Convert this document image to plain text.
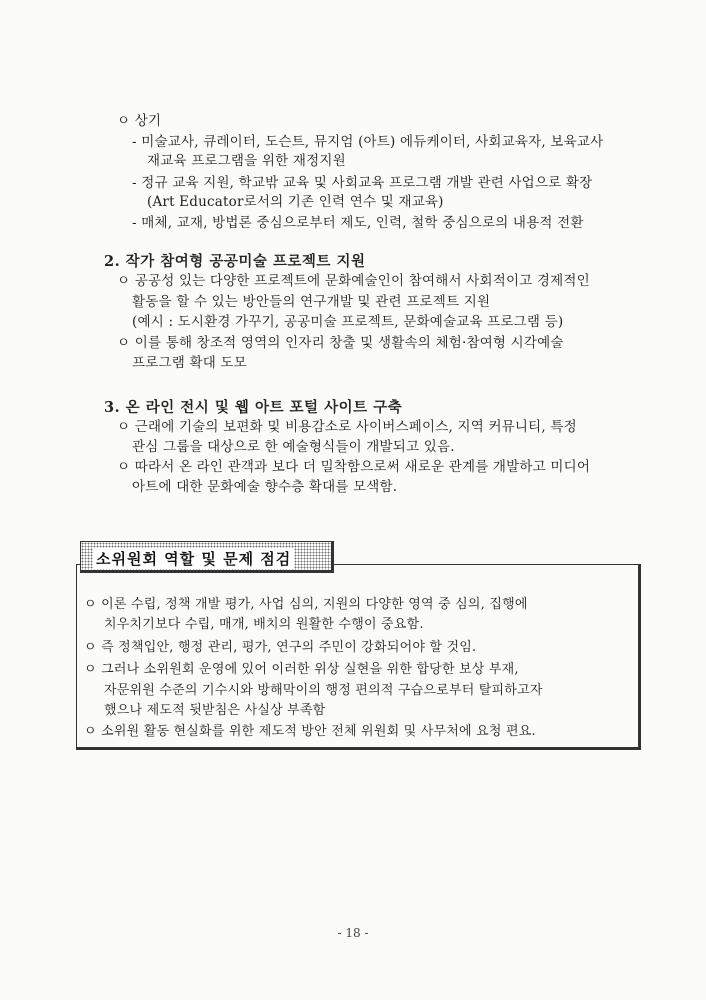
ㅇ 상기
- 미술교사, 큐레이터, 도슨트, 뮤지엄 (아트) 에듀케이터, 사회교육자, 보육교사
재교육 프로그램을 위한 재정지원
- 정규 교육 지원, 학교밖 교육 및 사회교육 프로그램 개발 관련 사업으로 확장
(Art Educator로서의 기존 인력 연수 및 재교육)
- 매체, 교재, 방법론 중심으로부터 제도, 인력, 철학 중심으로의 내용적 전환
2. 작가 참여형 공공미술 프로젝트 지원
ㅇ 공공성 있는 다양한 프로젝트에 문화예술인이 참여해서 사회적이고 경제적인
활동을 할 수 있는 방안들의 연구개발 및 관련 프로젝트 지원
(예시 : 도시환경 가꾸기, 공공미술 프로젝트, 문화예술교육 프로그램 등)
ㅇ 이를 통해 창조적 영역의 인자리 창출 및 생활속의 체험·참여형 시각예술
프로그램 확대 도모
3. 온 라인 전시 및 웹 아트 포털 사이트 구축
ㅇ 근래에 기술의 보편화 및 비용감소로 사이버스페이스, 지역 커뮤니티, 특정
관심 그룹을 대상으로 한 예술형식들이 개발되고 있음.
ㅇ 따라서 온 라인 관객과 보다 더 밀착함으로써 새로운 관계를 개발하고 미디어
아트에 대한 문화예술 향수층 확대를 모색함.
소위원회 역할 및 문제 점검
ㅇ 이론 수립, 정책 개발 평가, 사업 심의, 지원의 다양한 영역 중 심의, 집행에
치우치기보다 수립, 매개, 배치의 원활한 수행이 중요함.
ㅇ 즉 정책입안, 행정 관리, 평가, 연구의 주민이 강화되어야 할 것임.
ㅇ 그러나 소위원회 운영에 있어 이러한 위상 실현을 위한 합당한 보상 부재,
자문위원 수준의 기수시와 방해막이의 행정 편의적 구습으로부터 탈피하고자
했으나 제도적 뒷받침은 사실상 부족함
ㅇ 소위원 활동 현실화를 위한 제도적 방안 전체 위원회 및 사무처에 요청 편요.
- 18 -
